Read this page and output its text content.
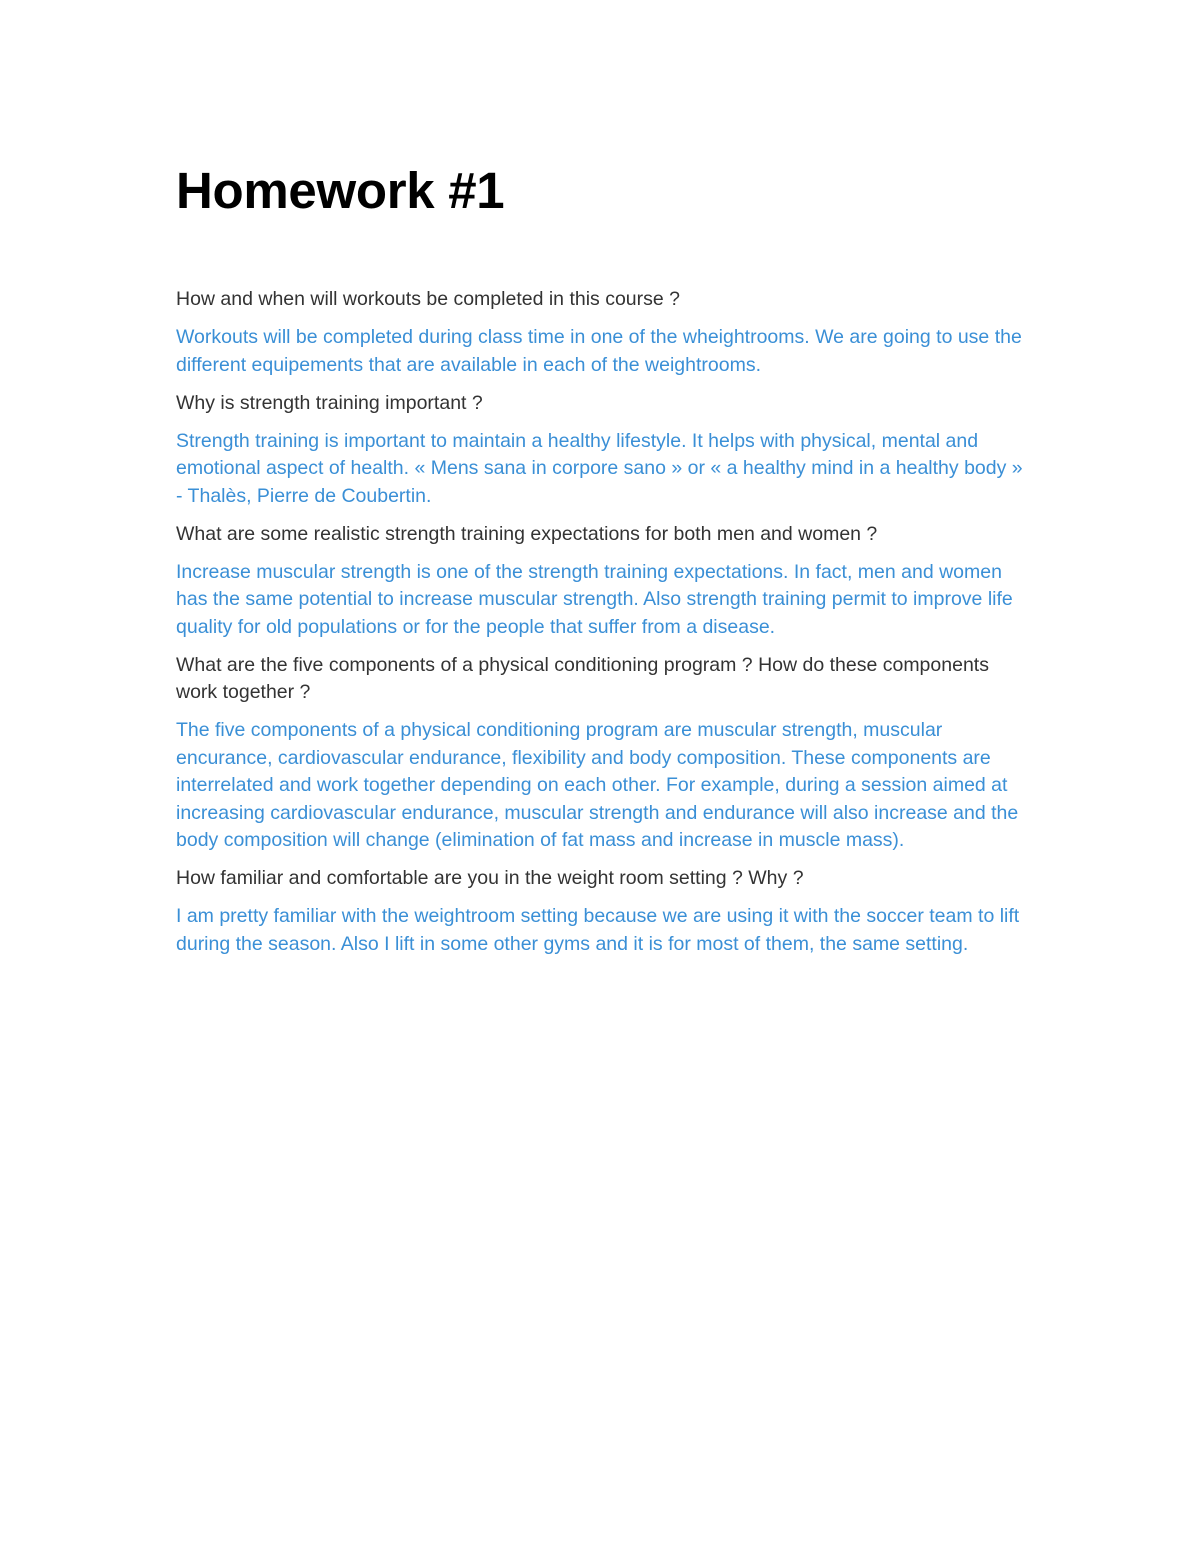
Homework #1

How and when will workouts be completed in this course ?

Workouts will be completed during class time in one of the wheightrooms. We are going to use the different equipements that are available in each of the weightrooms.

Why is strength training important ?

Strength training is important to maintain a healthy lifestyle. It helps with physical, mental and emotional aspect of health. « Mens sana in corpore sano » or « a healthy mind in a healthy body » - Thalès, Pierre de Coubertin.

What are some realistic strength training expectations for both men and women ?

Increase muscular strength is one of the strength training expectations. In fact, men and women has the same potential to increase muscular strength. Also strength training permit to improve life quality for old populations or for the people that suffer from a disease.

What are the five components of a physical conditioning program ? How do these components work together ?

The five components of a physical conditioning program are muscular strength, muscular encurance, cardiovascular endurance, flexibility and body composition. These components are interrelated and work together depending on each other. For example, during a session aimed at increasing cardiovascular endurance, muscular strength and endurance will also increase and the body composition will change (elimination of fat mass and increase in muscle mass).

How familiar and comfortable are you in the weight room setting ? Why ?

I am pretty familiar with the weightroom setting because we are using it with the soccer team to lift during the season. Also I lift in some other gyms and it is for most of them, the same setting.
